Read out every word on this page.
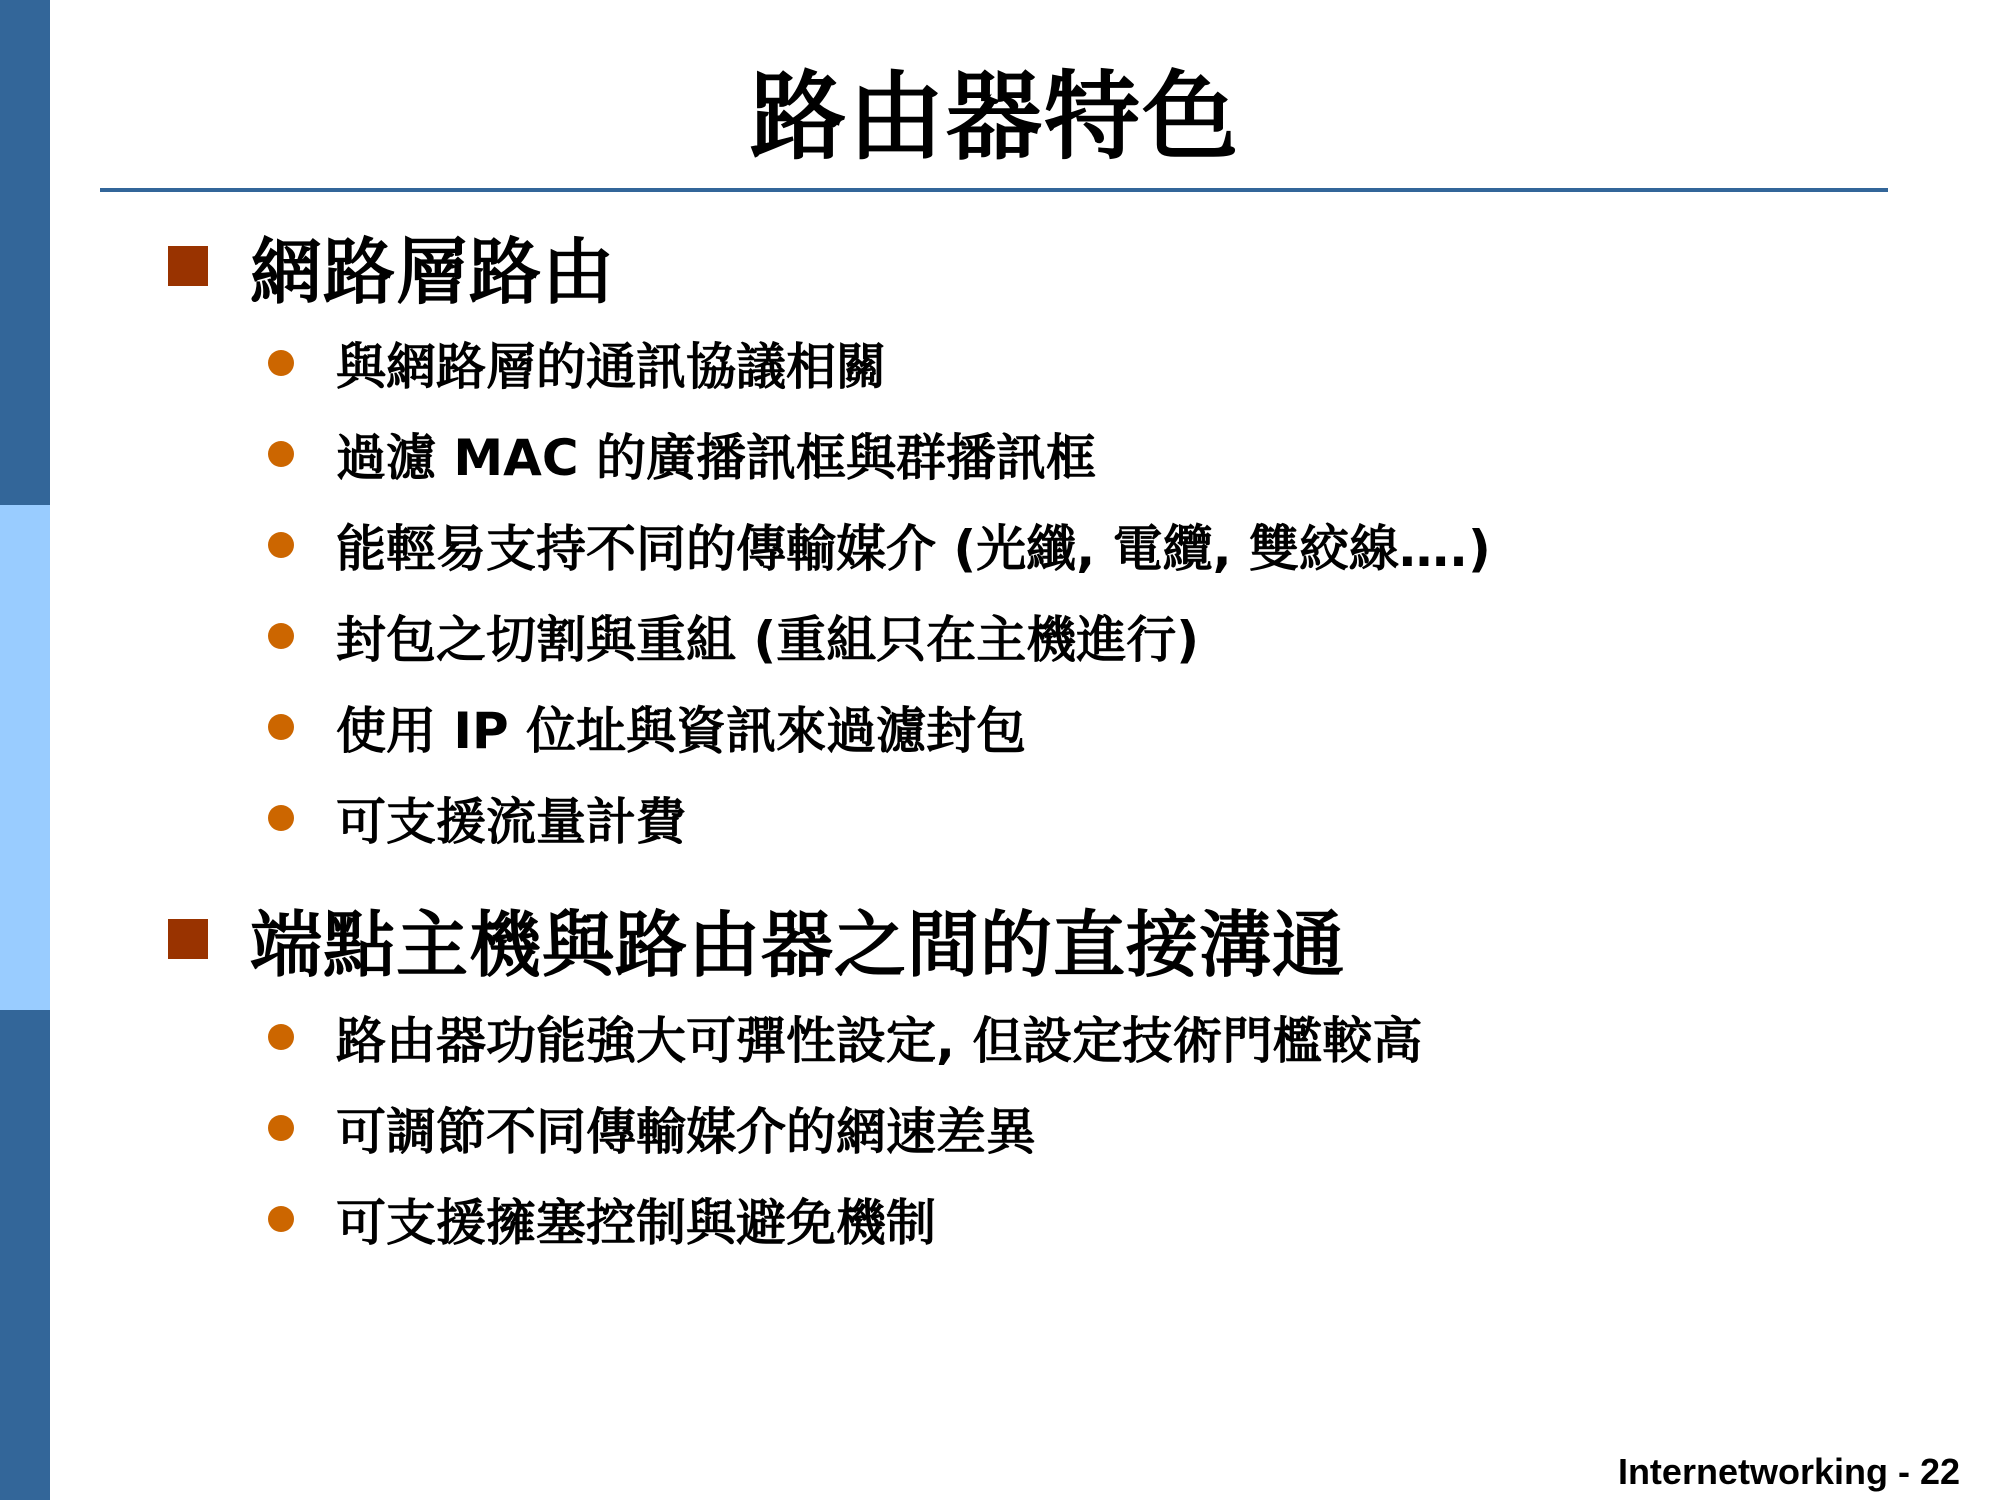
路由器特色
網路層路由
與網路層的通訊協議相關
過濾 MAC 的廣播訊框與群播訊框
能輕易支持不同的傳輸媒介 (光纖, 電纜, 雙絞線….)
封包之切割與重組 (重組只在主機進行)
使用 IP 位址與資訊來過濾封包
可支援流量計費
端點主機與路由器之間的直接溝通
路由器功能強大可彈性設定, 但設定技術門檻較高
可調節不同傳輸媒介的網速差異
可支援擁塞控制與避免機制
Internetworking - 22
